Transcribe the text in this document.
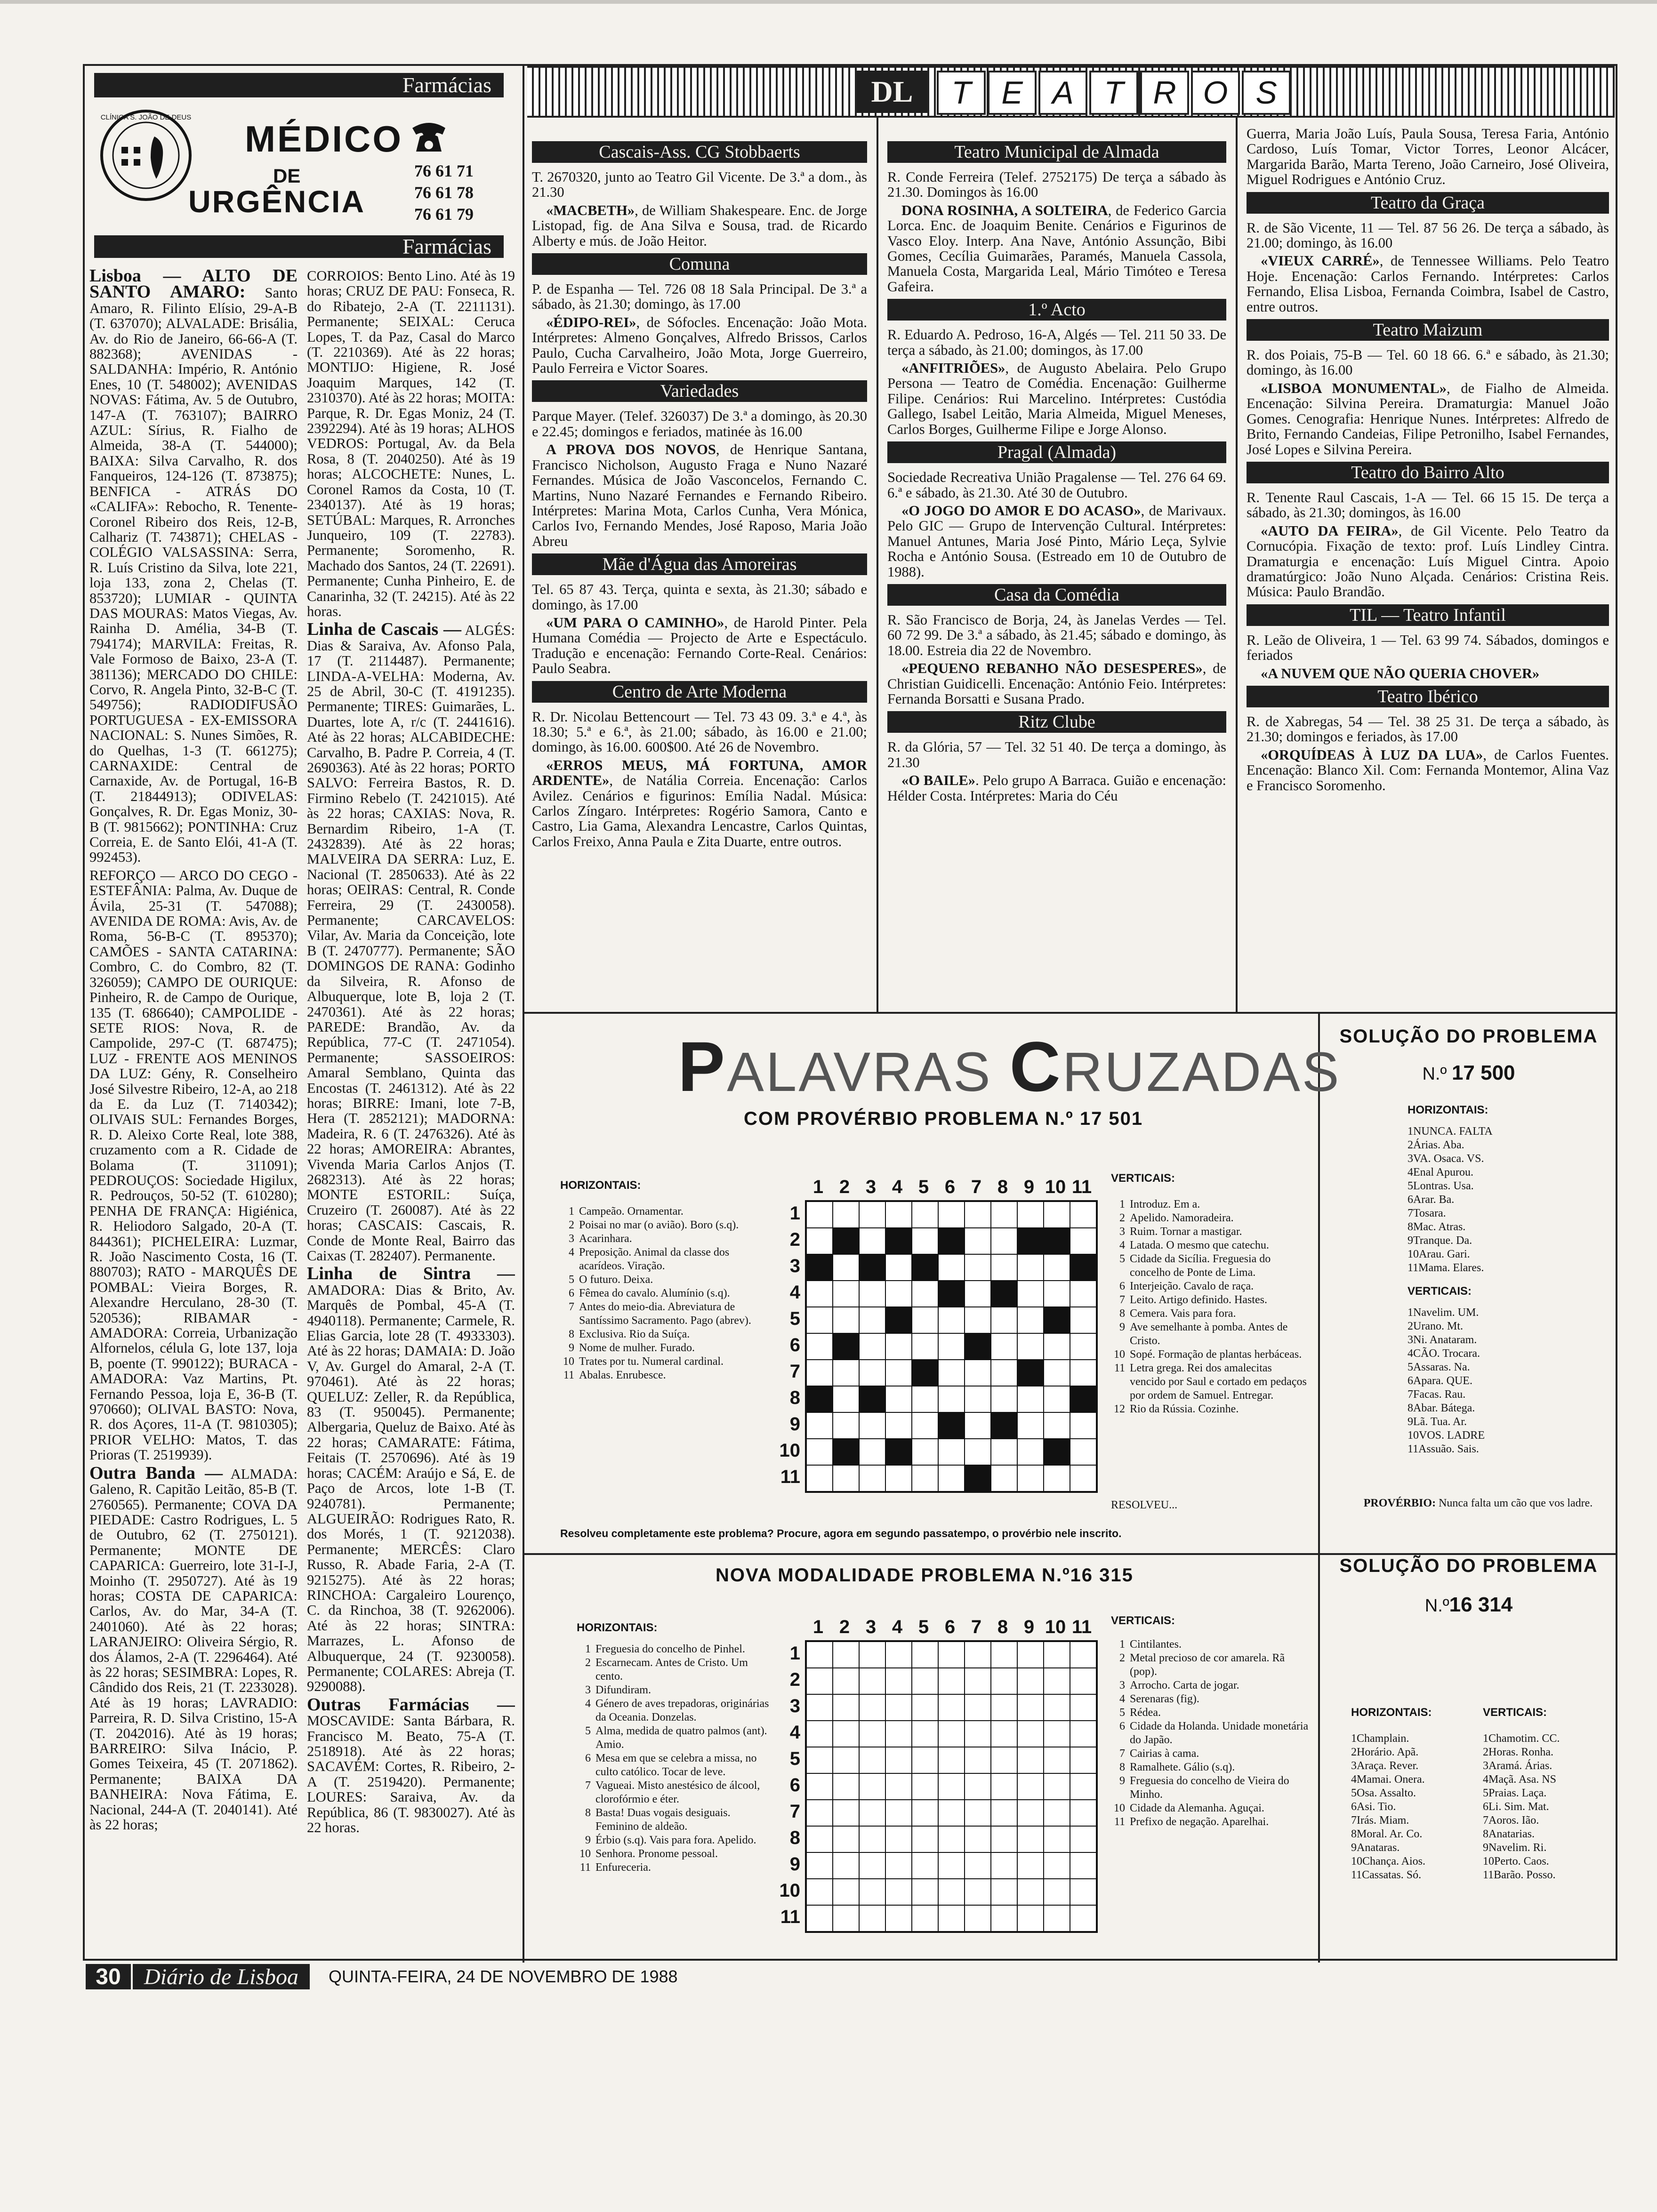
Farmácias
CLÍNICA S. JOÃO DE DEUS
MÉDICO
DE
URGÊNCIA
76 61 71
76 61 78
76 61 79
Farmácias

Lisboa — ALTO DE SANTO AMARO: Santo Amaro, R. Filinto Elísio, 29-A-B (T. 637070); ALVALADE: Brisália, Av. do Rio de Janeiro, 66-66-A (T. 882368); AVENIDAS - SALDANHA: Império, R. António Enes, 10 (T. 548002); AVENIDAS NOVAS: Fátima, Av. 5 de Outubro, 147-A (T. 763107); BAIRRO AZUL: Sírius, R. Fialho de Almeida, 38-A (T. 544000); BAIXA: Silva Carvalho, R. dos Fanqueiros, 124-126 (T. 873875); BENFICA - ATRÁS DO «CALIFA»: Rebocho, R. Tenente-Coronel Ribeiro dos Reis, 12-B, Calhariz (T. 743871); CHELAS - COLÉGIO VALSASSINA: Serra, R. Luís Cristino da Silva, lote 221, loja 133, zona 2, Chelas (T. 853720); LUMIAR - QUINTA DAS MOURAS: Matos Viegas, Av. Rainha D. Amélia, 34-B (T. 794174); MARVILA: Freitas, R. Vale Formoso de Baixo, 23-A (T. 381136); MERCADO DO CHILE: Corvo, R. Angela Pinto, 32-B-C (T. 549756); RADIODIFUSÃO PORTUGUESA - EX-EMISSORA NACIONAL: S. Nunes Simões, R. do Quelhas, 1-3 (T. 661275); CARNAXIDE: Central de Carnaxide, Av. de Portugal, 16-B (T. 21844913); ODIVELAS: Gonçalves, R. Dr. Egas Moniz, 30-B (T. 9815662); PONTINHA: Cruz Correia, E. de Santo Elói, 41-A (T. 992453).

REFORÇO — ARCO DO CEGO - ESTEFÂNIA: Palma, Av. Duque de Ávila, 25-31 (T. 547088); AVENIDA DE ROMA: Avis, Av. de Roma, 56-B-C (T. 895370); CAMÕES - SANTA CATARINA: Combro, C. do Combro, 82 (T. 326059); CAMPO DE OURIQUE: Pinheiro, R. de Campo de Ourique, 135 (T. 686640); CAMPOLIDE - SETE RIOS: Nova, R. de Campolide, 297-C (T. 687475); LUZ - FRENTE AOS MENINOS DA LUZ: Gény, R. Conselheiro José Silvestre Ribeiro, 12-A, ao 218 da E. da Luz (T. 7140342); OLIVAIS SUL: Fernandes Borges, R. D. Aleixo Corte Real, lote 388, cruzamento com a R. Cidade de Bolama (T. 311091); PEDROUÇOS: Sociedade Higilux, R. Pedrouços, 50-52 (T. 610280); PENHA DE FRANÇA: Higiénica, R. Heliodoro Salgado, 20-A (T. 844361); PICHELEIRA: Luzmar, R. João Nascimento Costa, 16 (T. 880703); RATO - MARQUÊS DE POMBAL: Vieira Borges, R. Alexandre Herculano, 28-30 (T. 520536); RIBAMAR - AMADORA: Correia, Urbanização Alfornelos, célula G, lote 137, loja B, poente (T. 990122); BURACA - AMADORA: Vaz Martins, Pt. Fernando Pessoa, loja E, 36-B (T. 970660); OLIVAL BASTO: Nova, R. dos Açores, 11-A (T. 9810305); PRIOR VELHO: Matos, T. das Prioras (T. 2519939).

Outra Banda — ALMADA: Galeno, R. Capitão Leitão, 85-B (T. 2760565). Permanente; COVA DA PIEDADE: Castro Rodrigues, L. 5 de Outubro, 62 (T. 2750121). Permanente; MONTE DE CAPARICA: Guerreiro, lote 31-I-J, Moinho (T. 2950727). Até às 19 horas; COSTA DE CAPARICA: Carlos, Av. do Mar, 34-A (T. 2401060). Até às 22 horas; LARANJEIRO: Oliveira Sérgio, R. dos Álamos, 2-A (T. 2296464). Até às 22 horas; SESIMBRA: Lopes, R. Cândido dos Reis, 21 (T. 2233028). Até às 19 horas; LAVRADIO: Parreira, R. D. Silva Cristino, 15-A (T. 2042016). Até às 19 horas; BARREIRO: Silva Inácio, P. Gomes Teixeira, 45 (T. 2071862). Permanente; BAIXA DA BANHEIRA: Nova Fátima, E. Nacional, 244-A (T. 2040141). Até às 22 horas;

CORROIOS: Bento Lino. Até às 19 horas; CRUZ DE PAU: Fonseca, R. do Ribatejo, 2-A (T. 2211131). Permanente; SEIXAL: Ceruca Lopes, T. da Paz, Casal do Marco (T. 2210369). Até às 22 horas; MONTIJO: Higiene, R. José Joaquim Marques, 142 (T. 2310370). Até às 22 horas; MOITA: Parque, R. Dr. Egas Moniz, 24 (T. 2392294). Até às 19 horas; ALHOS VEDROS: Portugal, Av. da Bela Rosa, 8 (T. 2040250). Até às 19 horas; ALCOCHETE: Nunes, L. Coronel Ramos da Costa, 10 (T. 2340137). Até às 19 horas; SETÚBAL: Marques, R. Arronches Junqueiro, 109 (T. 22783). Permanente; Soromenho, R. Machado dos Santos, 24 (T. 22691). Permanente; Cunha Pinheiro, E. de Canarinha, 32 (T. 24215). Até às 22 horas.

Linha de Cascais — ALGÉS: Dias & Saraiva, Av. Afonso Pala, 17 (T. 2114487). Permanente; LINDA-A-VELHA: Moderna, Av. 25 de Abril, 30-C (T. 4191235). Permanente; TIRES: Guimarães, L. Duartes, lote A, r/c (T. 2441616). Até às 22 horas; ALCABIDECHE: Carvalho, B. Padre P. Correia, 4 (T. 2690363). Até às 22 horas; PORTO SALVO: Ferreira Bastos, R. D. Firmino Rebelo (T. 2421015). Até às 22 horas; CAXIAS: Nova, R. Bernardim Ribeiro, 1-A (T. 2432839). Até às 22 horas; MALVEIRA DA SERRA: Luz, E. Nacional (T. 2850633). Até às 22 horas; OEIRAS: Central, R. Conde Ferreira, 29 (T. 2430058). Permanente; CARCAVELOS: Vilar, Av. Maria da Conceição, lote B (T. 2470777). Permanente; SÃO DOMINGOS DE RANA: Godinho da Silveira, R. Afonso de Albuquerque, lote B, loja 2 (T. 2470361). Até às 22 horas; PAREDE: Brandão, Av. da República, 77-C (T. 2471054). Permanente; SASSOEIROS: Amaral Semblano, Quinta das Encostas (T. 2461312). Até às 22 horas; BIRRE: Imani, lote 7-B, Hera (T. 2852121); MADORNA: Madeira, R. 6 (T. 2476326). Até às 22 horas; AMOREIRA: Abrantes, Vivenda Maria Carlos Anjos (T. 2682313). Até às 22 horas; MONTE ESTORIL: Suíça, Cruzeiro (T. 260087). Até às 22 horas; CASCAIS: Cascais, R. Conde de Monte Real, Bairro das Caixas (T. 282407). Permanente.

Linha de Sintra — AMADORA: Dias & Brito, Av. Marquês de Pombal, 45-A (T. 4940118). Permanente; Carmele, R. Elias Garcia, lote 28 (T. 4933303). Até às 22 horas; DAMAIA: D. João V, Av. Gurgel do Amaral, 2-A (T. 970461). Até às 22 horas; QUELUZ: Zeller, R. da República, 83 (T. 950045). Permanente; Albergaria, Queluz de Baixo. Até às 22 horas; CAMARATE: Fátima, Feitais (T. 2570696). Até às 19 horas; CACÉM: Araújo e Sá, E. de Paço de Arcos, lote 1-B (T. 9240781). Permanente; ALGUEIRÃO: Rodrigues Rato, R. dos Morés, 1 (T. 9212038). Permanente; MERCÊS: Claro Russo, R. Abade Faria, 2-A (T. 9215275). Até às 22 horas; RINCHOA: Cargaleiro Lourenço, C. da Rinchoa, 38 (T. 9262006). Até às 22 horas; SINTRA: Marrazes, L. Afonso de Albuquerque, 24 (T. 9230058). Permanente; COLARES: Abreja (T. 9290088).

Outras Farmácias — MOSCAVIDE: Santa Bárbara, R. Francisco M. Beato, 75-A (T. 2518918). Até às 22 horas; SACAVÉM: Cortes, R. Ribeiro, 2-A (T. 2519420). Permanente; LOURES: Saraiva, Av. da República, 86 (T. 9830027). Até às 22 horas.

DL	T E A T R O S
Cascais-Ass. CG Stobbaerts

T. 2670320, junto ao Teatro Gil Vicente. De 3.ª a dom., às 21.30

«MACBETH», de William Shakespeare. Enc. de Jorge Listopad, fig. de Ana Silva e Sousa, trad. de Ricardo Alberty e mús. de João Heitor.

Comuna

P. de Espanha — Tel. 726 08 18 Sala Principal. De 3.ª a sábado, às 21.30; domingo, às 17.00

«ÉDIPO-REI», de Sófocles. Encenação: João Mota. Intérpretes: Almeno Gonçalves, Alfredo Brissos, Carlos Paulo, Cucha Carvalheiro, João Mota, Jorge Guerreiro, Paulo Ferreira e Victor Soares.

Variedades

Parque Mayer. (Telef. 326037) De 3.ª a domingo, às 20.30 e 22.45; domingos e feriados, matinée às 16.00

A PROVA DOS NOVOS, de Henrique Santana, Francisco Nicholson, Augusto Fraga e Nuno Nazaré Fernandes. Música de João Vasconcelos, Fernando C. Martins, Nuno Nazaré Fernandes e Fernando Ribeiro. Intérpretes: Marina Mota, Carlos Cunha, Vera Mónica, Carlos Ivo, Fernando Mendes, José Raposo, Maria João Abreu

Mãe d'Água das Amoreiras

Tel. 65 87 43. Terça, quinta e sexta, às 21.30; sábado e domingo, às 17.00

«UM PARA O CAMINHO», de Harold Pinter. Pela Humana Comédia — Projecto de Arte e Espectáculo. Tradução e encenação: Fernando Corte-Real. Cenários: Paulo Seabra.

Centro de Arte Moderna

R. Dr. Nicolau Bettencourt — Tel. 73 43 09. 3.ª e 4.ª, às 18.30; 5.ª e 6.ª, às 21.00; sábado, às 16.00 e 21.00; domingo, às 16.00. 600$00. Até 26 de Novembro.

«ERROS MEUS, MÁ FORTUNA, AMOR ARDENTE», de Natália Correia. Encenação: Carlos Avilez. Cenários e figurinos: Emília Nadal. Música: Carlos Zíngaro. Intérpretes: Rogério Samora, Canto e Castro, Lia Gama, Alexandra Lencastre, Carlos Quintas, Carlos Freixo, Anna Paula e Zita Duarte, entre outros.

Teatro Municipal de Almada

R. Conde Ferreira (Telef. 2752175) De terça a sábado às 21.30. Domingos às 16.00

DONA ROSINHA, A SOLTEIRA, de Federico Garcia Lorca. Enc. de Joaquim Benite. Cenários e Figurinos de Vasco Eloy. Interp. Ana Nave, António Assunção, Bibi Gomes, Cecília Guimarães, Paramés, Manuela Cassola, Manuela Costa, Margarida Leal, Mário Timóteo e Teresa Gafeira.

1.º Acto

R. Eduardo A. Pedroso, 16-A, Algés — Tel. 211 50 33. De terça a sábado, às 21.00; domingos, às 17.00

«ANFITRIÕES», de Augusto Abelaira. Pelo Grupo Persona — Teatro de Comédia. Encenação: Guilherme Filipe. Cenários: Rui Marcelino. Intérpretes: Custódia Gallego, Isabel Leitão, Maria Almeida, Miguel Meneses, Carlos Borges, Guilherme Filipe e Jorge Alonso.

Pragal (Almada)

Sociedade Recreativa União Pragalense — Tel. 276 64 69. 6.ª e sábado, às 21.30. Até 30 de Outubro.

«O JOGO DO AMOR E DO ACASO», de Marivaux. Pelo GIC — Grupo de Intervenção Cultural. Intérpretes: Manuel Antunes, Maria José Pinto, Mário Leça, Sylvie Rocha e António Sousa. (Estreado em 10 de Outubro de 1988).

Casa da Comédia

R. São Francisco de Borja, 24, às Janelas Verdes — Tel. 60 72 99. De 3.ª a sábado, às 21.45; sábado e domingo, às 18.00. Estreia dia 22 de Novembro.

«PEQUENO REBANHO NÃO DESESPERES», de Christian Guidicelli. Encenação: António Feio. Intérpretes: Fernanda Borsatti e Susana Prado.

Ritz Clube

R. da Glória, 57 — Tel. 32 51 40. De terça a domingo, às 21.30

«O BAILE». Pelo grupo A Barraca. Guião e encenação: Hélder Costa. Intérpretes: Maria do Céu

Guerra, Maria João Luís, Paula Sousa, Teresa Faria, António Cardoso, Luís Tomar, Victor Torres, Leonor Alcácer, Margarida Barão, Marta Tereno, João Carneiro, José Oliveira, Miguel Rodrigues e António Cruz.

Teatro da Graça

R. de São Vicente, 11 — Tel. 87 56 26. De terça a sábado, às 21.00; domingo, às 16.00

«VIEUX CARRÉ», de Tennessee Williams. Pelo Teatro Hoje. Encenação: Carlos Fernando. Intérpretes: Carlos Fernando, Elisa Lisboa, Fernanda Coimbra, Isabel de Castro, entre outros.

Teatro Maizum

R. dos Poiais, 75-B — Tel. 60 18 66. 6.ª e sábado, às 21.30; domingo, às 16.00

«LISBOA MONUMENTAL», de Fialho de Almeida. Encenação: Silvina Pereira. Dramaturgia: Manuel João Gomes. Cenografia: Henrique Nunes. Intérpretes: Alfredo de Brito, Fernando Candeias, Filipe Petronilho, Isabel Fernandes, José Lopes e Silvina Pereira.

Teatro do Bairro Alto

R. Tenente Raul Cascais, 1-A — Tel. 66 15 15. De terça a sábado, às 21.30; domingos, às 16.00

«AUTO DA FEIRA», de Gil Vicente. Pelo Teatro da Cornucópia. Fixação de texto: prof. Luís Lindley Cintra. Dramaturgia e encenação: Luís Miguel Cintra. Apoio dramatúrgico: João Nuno Alçada. Cenários: Cristina Reis. Música: Paulo Brandão.

TIL — Teatro Infantil

R. Leão de Oliveira, 1 — Tel. 63 99 74. Sábados, domingos e feriados

«A NUVEM QUE NÃO QUERIA CHOVER»

Teatro Ibérico

R. de Xabregas, 54 — Tel. 38 25 31. De terça a sábado, às 21.30; domingos e feriados, às 17.00

«ORQUÍDEAS À LUZ DA LUA», de Carlos Fuentes. Encenação: Blanco Xil. Com: Fernanda Montemor, Alina Vaz e Francisco Soromenho.

PALAVRAS CRUZADAS
COM PROVÉRBIO PROBLEMA N.º 17 501
HORIZONTAIS:
1 Campeão. Ornamentar.
2 Poisai no mar (o avião). Boro (s.q).
3 Acarinhara.
4 Preposição. Animal da classe dos acarídeos. Viração.
5 O futuro. Deixa.
6 Fêmea do cavalo. Alumínio (s.q).
7 Antes do meio-dia. Abreviatura de Santíssimo Sacramento. Pago (abrev).
8 Exclusiva. Rio da Suíça.
9 Nome de mulher. Furado.
10 Trates por tu. Numeral cardinal.
11 Abalas. Enrubesce.
VERTICAIS:
1 Introduz. Em a.
2 Apelido. Namoradeira.
3 Ruim. Tornar a mastigar.
4 Latada. O mesmo que catechu.
5 Cidade da Sicília. Freguesia do concelho de Ponte de Lima.
6 Interjeição. Cavalo de raça.
7 Leito. Artigo definido. Hastes.
8 Cemera. Vais para fora.
9 Ave semelhante à pomba. Antes de Cristo.
10 Sopé. Formação de plantas herbáceas.
11 Letra grega. Rei dos amalecitas vencido por Saul e cortado em pedaços por ordem de Samuel. Entregar.
12 Rio da Rússia. Cozinhe.
1 2 3 4 5 6 7 8 9 10 11
1
2
3
4
5
6
7
8
9
10
11
RESOLVEU...
Resolveu completamente este problema? Procure, agora em segundo passatempo, o provérbio nele inscrito.
SOLUÇÃO DO PROBLEMA
N.º 17 500
HORIZONTAIS:
1NUNCA. FALTA
2Árias. Aba.
3VA. Osaca. VS.
4Enal Apurou.
5Lontras. Usa.
6Arar. Ba.
7Tosara.
8Mac. Atras.
9Tranque. Da.
10Arau. Gari.
11Mama. Elares.
VERTICAIS:
1Navelim. UM.
2Urano. Mt.
3Ni. Anataram.
4CÃO. Trocara.
5Assaras. Na.
6Apara. QUE.
7Facas. Rau.
8Abar. Bátega.
9Lã. Tua. Ar.
10VOS. LADRE
11Assuão. Sais.
PROVÉRBIO: Nunca falta um cão que vos ladre.
NOVA MODALIDADE PROBLEMA N.º16 315
HORIZONTAIS:
1 Freguesia do concelho de Pinhel.
2 Escarnecam. Antes de Cristo. Um cento.
3 Difundiram.
4 Género de aves trepadoras, originárias da Oceania. Donzelas.
5 Alma, medida de quatro palmos (ant). Amio.
6 Mesa em que se celebra a missa, no culto católico. Tocar de leve.
7 Vagueai. Misto anestésico de álcool, clorofórmio e éter.
8 Basta! Duas vogais desiguais. Feminino de aldeão.
9 Érbio (s.q). Vais para fora. Apelido.
10 Senhora. Pronome pessoal.
11 Enfureceria.
VERTICAIS:
1 Cintilantes.
2 Metal precioso de cor amarela. Rã (pop).
3 Arrocho. Carta de jogar.
4 Serenaras (fig).
5 Rédea.
6 Cidade da Holanda. Unidade monetária do Japão.
7 Cairias à cama.
8 Ramalhete. Gálio (s.q).
9 Freguesia do concelho de Vieira do Minho.
10 Cidade da Alemanha. Aguçai.
11 Prefixo de negação. Aparelhai.
1 2 3 4 5 6 7 8 9 10 11
1
2
3
4
5
6
7
8
9
10
11
SOLUÇÃO DO PROBLEMA
N.º16 314
HORIZONTAIS:
1Champlain.
2Horário. Apã.
3Araça. Rever.
4Mamai. Onera.
5Osa. Assalto.
6Asi. Tio.
7Irás. Miam.
8Moral. Ar. Co.
9Anataras.
10Chança. Aios.
11Cassatas. Só.
VERTICAIS:
1Chamotim. CC.
2Horas. Ronha.
3Aramá. Árias.
4Maçã. Asa. NS
5Praias. Laça.
6Li. Sim. Mat.
7Aoros. Ião.
8Anatarias.
9Navelim. Ri.
10Perto. Caos.
11Barão. Posso.
30	Diário de Lisboa	QUINTA-FEIRA, 24 DE NOVEMBRO DE 1988
